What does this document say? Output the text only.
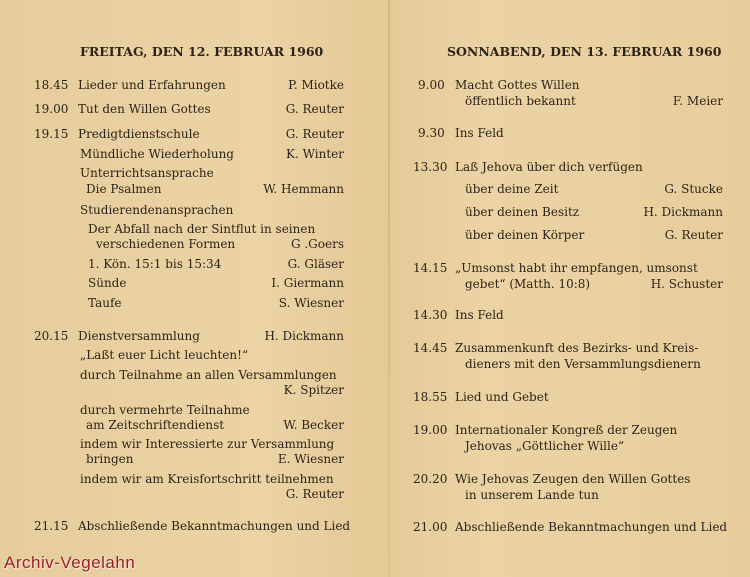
FREITAG, DEN 12. FEBRUAR 1960
18.45 Lieder und Erfahrungen	P. Miotke
19.00 Tut den Willen Gottes	G. Reuter
19.15 Predigtdienstschule	G. Reuter
Mündliche Wiederholung	K. Winter
Unterrichtsansprache
Die Psalmen	W. Hemmann
Studierendenansprachen
Der Abfall nach der Sintflut in seinen
verschiedenen Formen	G .Goers
1. Kön. 15:1 bis 15:34	G. Gläser
Sünde	I. Giermann
Taufe	S. Wiesner
20.15 Dienstversammlung	H. Dickmann
„Laßt euer Licht leuchten!“
durch Teilnahme an allen Versammlungen
K. Spitzer
durch vermehrte Teilnahme
am Zeitschriftendienst	W. Becker
indem wir Interessierte zur Versammlung
bringen	E. Wiesner
indem wir am Kreisfortschritt teilnehmen
G. Reuter
21.15 Abschließende Bekanntmachungen und Lied
SONNABEND, DEN 13. FEBRUAR 1960
9.00 Macht Gottes Willen
öffentlich bekannt	F. Meier
9.30 Ins Feld
13.30 Laß Jehova über dich verfügen
über deine Zeit	G. Stucke
über deinen Besitz	H. Dickmann
über deinen Körper	G. Reuter
14.15 „Umsonst habt ihr empfangen, umsonst
gebet“ (Matth. 10:8)	H. Schuster
14.30 Ins Feld
14.45 Zusammenkunft des Bezirks- und Kreis-
dieners mit den Versammlungsdienern
18.55 Lied und Gebet
19.00 Internationaler Kongreß der Zeugen
Jehovas „Göttlicher Wille“
20.20 Wie Jehovas Zeugen den Willen Gottes
in unserem Lande tun
21.00 Abschließende Bekanntmachungen und Lied
Archiv-Vegelahn
